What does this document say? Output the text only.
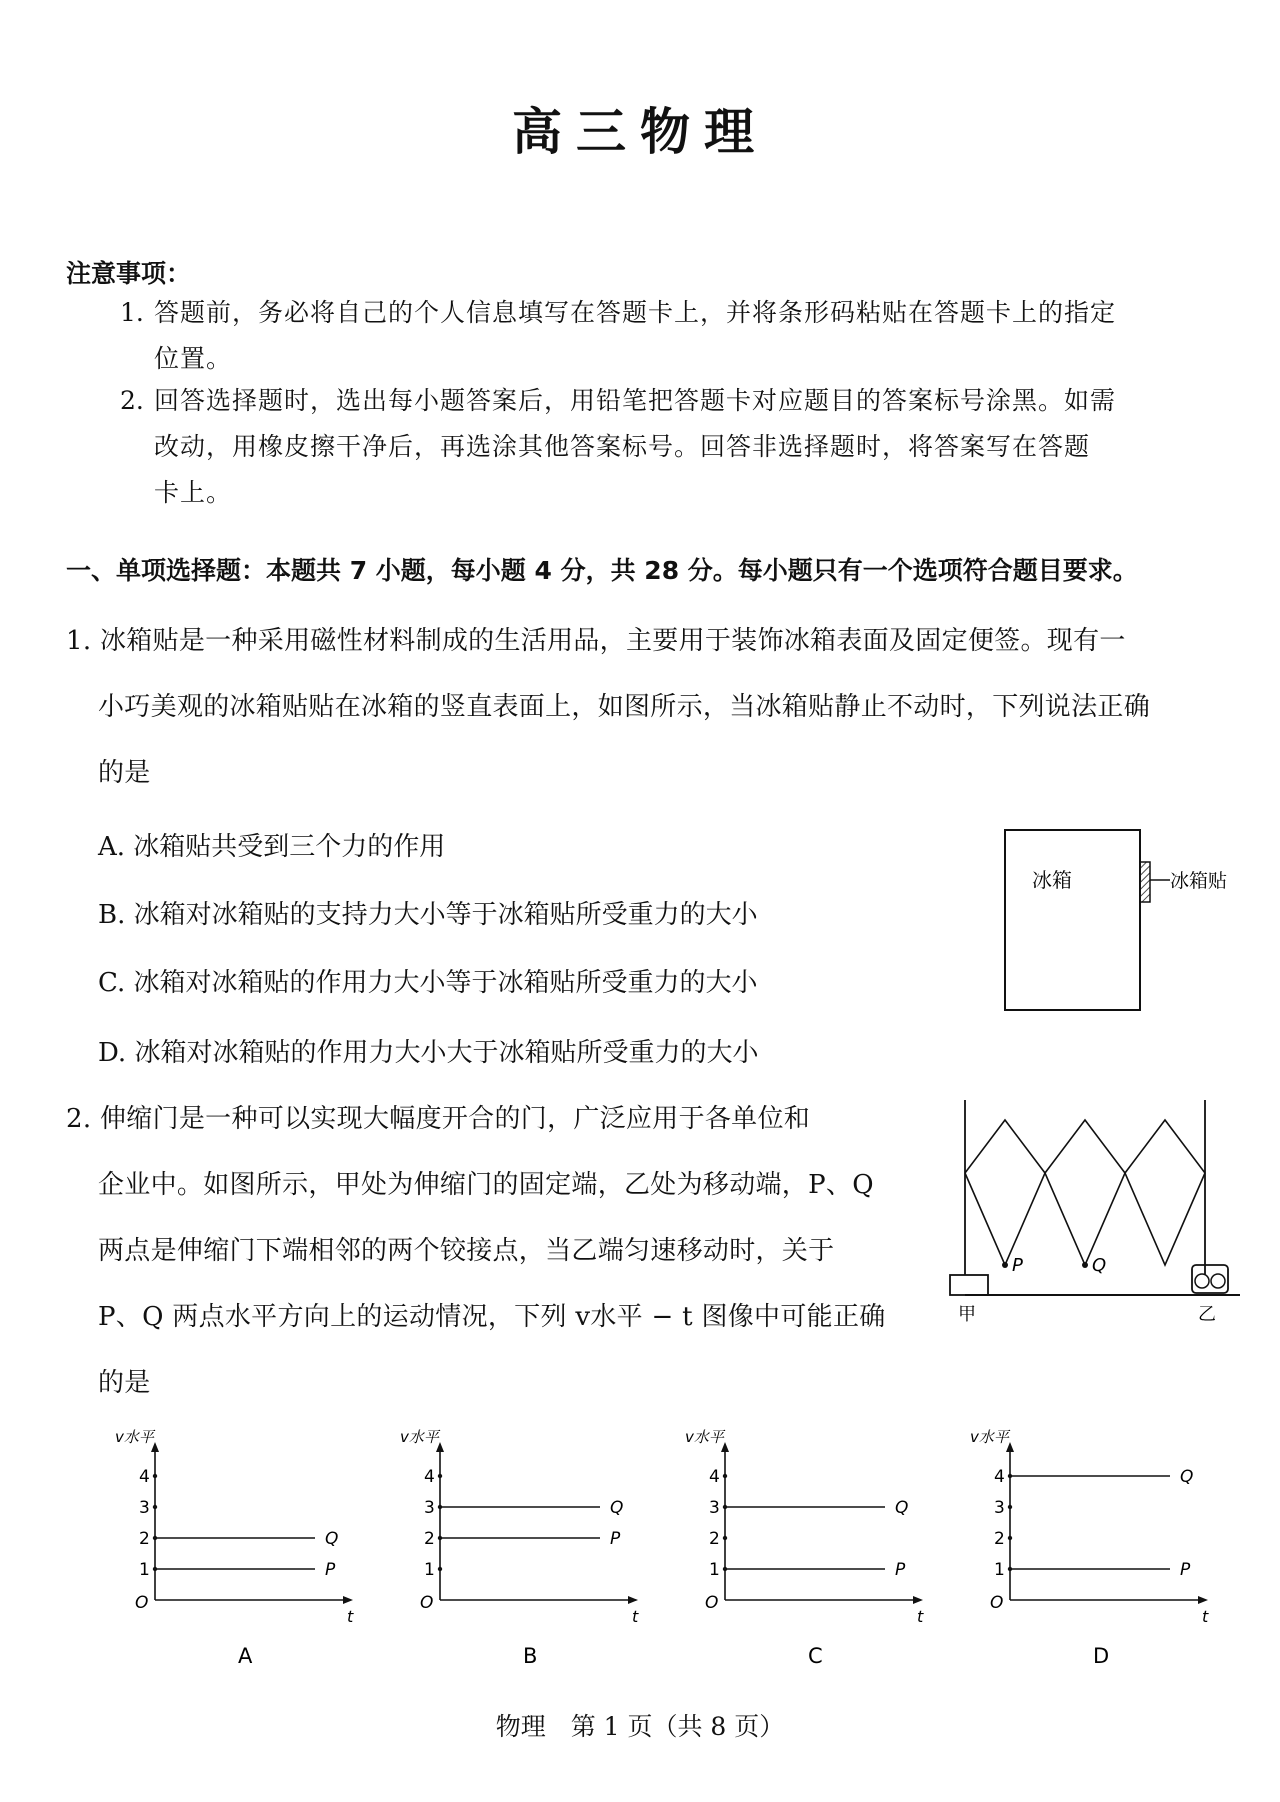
高三物理
注意事项：
1. 答题前，务必将自己的个人信息填写在答题卡上，并将条形码粘贴在答题卡上的指定
位置。
2. 回答选择题时，选出每小题答案后，用铅笔把答题卡对应题目的答案标号涂黑。如需
改动，用橡皮擦干净后，再选涂其他答案标号。回答非选择题时，将答案写在答题
卡上。
一、单项选择题：本题共 7 小题，每小题 4 分，共 28 分。每小题只有一个选项符合题目要求。
1. 冰箱贴是一种采用磁性材料制成的生活用品，主要用于装饰冰箱表面及固定便签。现有一
小巧美观的冰箱贴贴在冰箱的竖直表面上，如图所示，当冰箱贴静止不动时，下列说法正确
的是
A. 冰箱贴共受到三个力的作用
B. 冰箱对冰箱贴的支持力大小等于冰箱贴所受重力的大小
C. 冰箱对冰箱贴的作用力大小等于冰箱贴所受重力的大小
D. 冰箱对冰箱贴的作用力大小大于冰箱贴所受重力的大小
冰箱	冰箱贴
2. 伸缩门是一种可以实现大幅度开合的门，广泛应用于各单位和
企业中。如图所示，甲处为伸缩门的固定端，乙处为移动端，P、Q
两点是伸缩门下端相邻的两个铰接点，当乙端匀速移动时，关于
P、Q 两点水平方向上的运动情况，下列 v水平 − t 图像中可能正确
的是
P	Q
甲	乙
v水平
t
O
1
2
3
4
Q
P
A
v水平
t
O
1
2
3
4
Q
P
B
v水平
t
O
1
2
3
4
Q
P
C
v水平
t
O
1
2
3
4	Q
P
D
物理　第 1 页（共 8 页）
